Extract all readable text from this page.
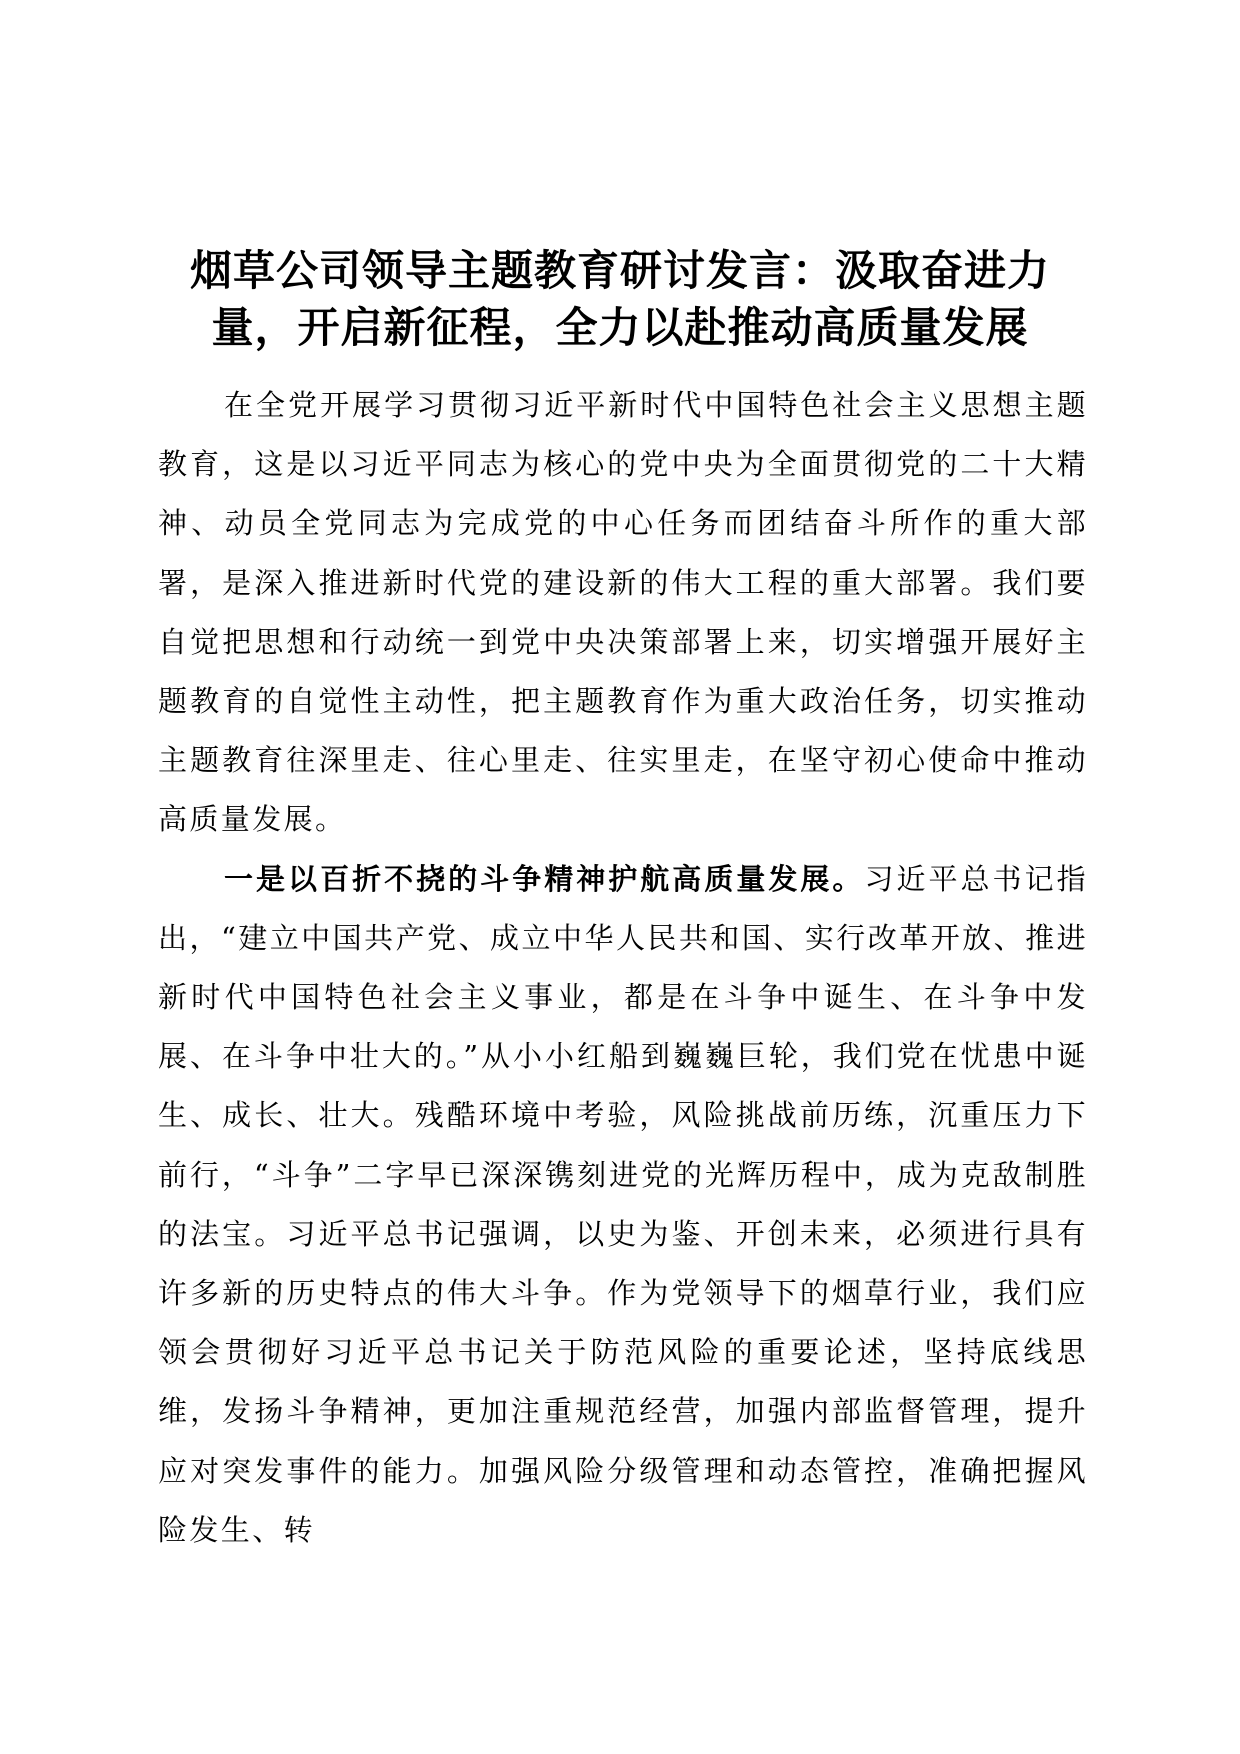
烟草公司领导主题教育研讨发言：汲取奋进力
量，开启新征程，全力以赴推动高质量发展

在全党开展学习贯彻习近平新时代中国特色社会主义思想主题教育，这是以习近平同志为核心的党中央为全面贯彻党的二十大精神、动员全党同志为完成党的中心任务而团结奋斗所作的重大部署，是深入推进新时代党的建设新的伟大工程的重大部署。我们要自觉把思想和行动统一到党中央决策部署上来，切实增强开展好主题教育的自觉性主动性，把主题教育作为重大政治任务，切实推动主题教育往深里走、往心里走、往实里走，在坚守初心使命中推动高质量发展。

一是以百折不挠的斗争精神护航高质量发展。习近平总书记指出，“建立中国共产党、成立中华人民共和国、实行改革开放、推进新时代中国特色社会主义事业，都是在斗争中诞生、在斗争中发展、在斗争中壮大的。”从小小红船到巍巍巨轮，我们党在忧患中诞生、成长、壮大。残酷环境中考验，风险挑战前历练，沉重压力下前行，“斗争”二字早已深深镌刻进党的光辉历程中，成为克敌制胜的法宝。习近平总书记强调，以史为鉴、开创未来，必须进行具有许多新的历史特点的伟大斗争。作为党领导下的烟草行业，我们应领会贯彻好习近平总书记关于防范风险的重要论述，坚持底线思维，发扬斗争精神，更加注重规范经营，加强内部监督管理，提升应对突发事件的能力。加强风险分级管理和动态管控，准确把握风险发生、转
